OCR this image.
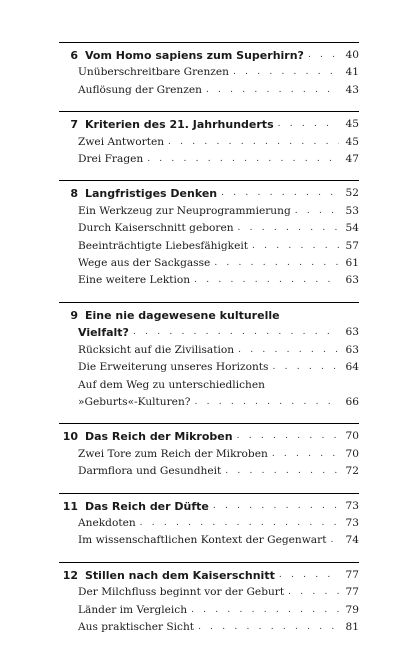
6 Vom Homo sapiens zum Superhirn? . . .	40
Unüberschreitbare Grenzen . . .	41
Auflösung der Grenzen . . .	43
7 Kriterien des 21. Jahrhunderts . . .	45
Zwei Antworten . . .	45
Drei Fragen . . .	47
8 Langfristiges Denken . . .	52
Ein Werkzeug zur Neuprogrammierung . . .	53
Durch Kaiserschnitt geboren . . .	54
Beeinträchtigte Liebesfähigkeit . . .	57
Wege aus der Sackgasse . . .	61
Eine weitere Lektion . . .	63
9 Eine nie dagewesene kulturelle
Vielfalt? . . .	63
Rücksicht auf die Zivilisation . . .	63
Die Erweiterung unseres Horizonts . . .	64
Auf dem Weg zu unterschiedlichen
»Geburts«-Kulturen? . . .	66
10 Das Reich der Mikroben . . .	70
Zwei Tore zum Reich der Mikroben . . .	70
Darmflora und Gesundheit . . .	72
11 Das Reich der Düfte . . .	73
Anekdoten . . .	73
Im wissenschaftlichen Kontext der Gegenwart . . . 74
12 Stillen nach dem Kaiserschnitt . . .	77
Der Milchfluss beginnt vor der Geburt . . .	77
Länder im Vergleich . . .	79
Aus praktischer Sicht . . .	81
